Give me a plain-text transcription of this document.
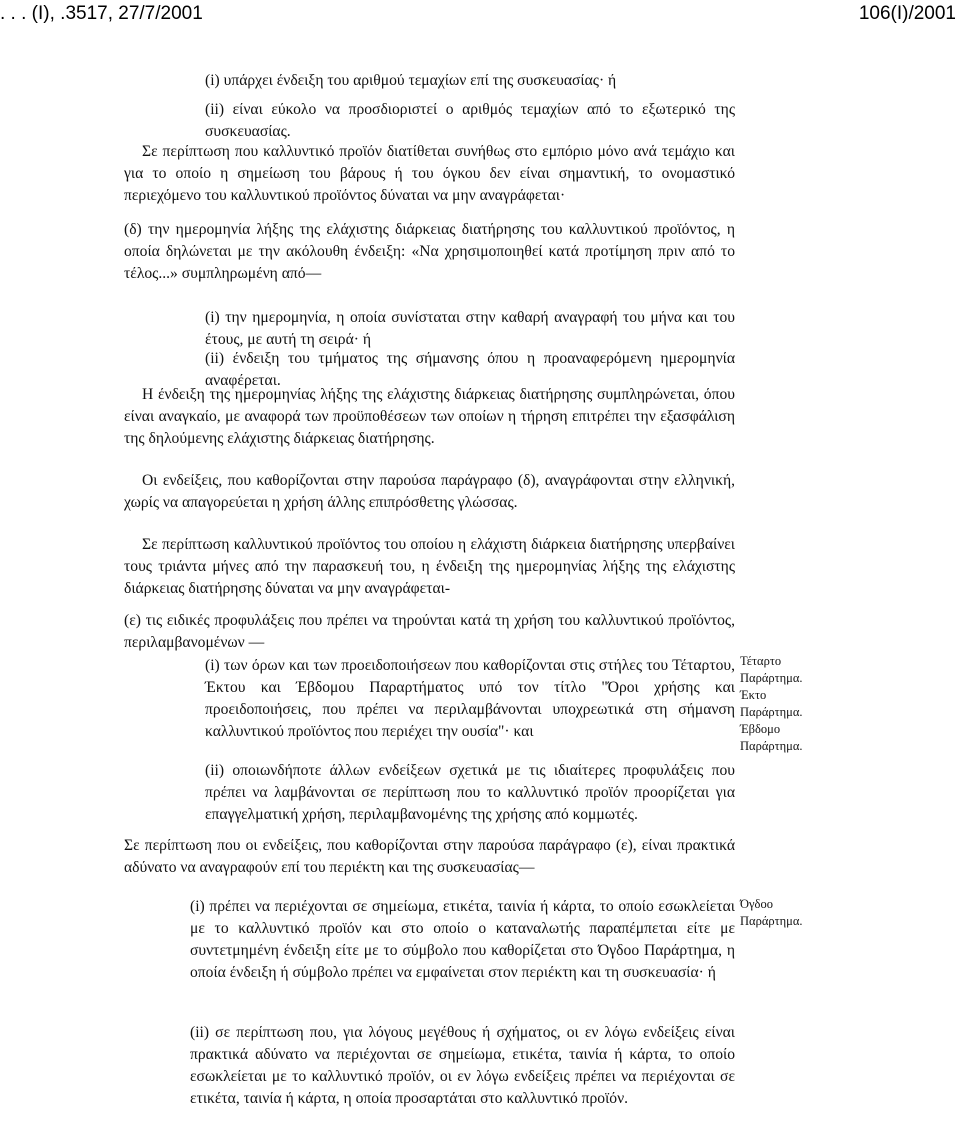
. . . (Ι), .3517, 27/7/2001	106(Ι)/2001

(i) υπάρχει ένδειξη του αριθμού τεμαχίων επί της συσκευασίας· ή

(ii) είναι εύκολο να προσδιοριστεί ο αριθμός τεμαχίων από το εξωτερικό της συσκευασίας.

Σε περίπτωση που καλλυντικό προϊόν διατίθεται συνήθως στο εμπόριο μόνο ανά τεμάχιο και για το οποίο η σημείωση του βάρους ή του όγκου δεν είναι σημαντική, το ονομαστικό περιεχόμενο του καλλυντικού προϊόντος δύναται να μην αναγράφεται·

(δ) την ημερομηνία λήξης της ελάχιστης διάρκειας διατήρησης του καλλυντικού προϊόντος, η οποία δηλώνεται με την ακόλουθη ένδειξη: «Να χρησιμοποιηθεί κατά προτίμηση πριν από το τέλος...» συμπληρωμένη από—

(i) την ημερομηνία, η οποία συνίσταται στην καθαρή αναγραφή του μήνα και του έτους, με αυτή τη σειρά· ή

(ii) ένδειξη του τμήματος της σήμανσης όπου η προαναφερόμενη ημερομηνία αναφέρεται.

Η ένδειξη της ημερομηνίας λήξης της ελάχιστης διάρκειας διατήρησης συμπληρώνεται, όπου είναι αναγκαίο, με αναφορά των προϋποθέσεων των οποίων η τήρηση επιτρέπει την εξασφάλιση της δηλούμενης ελάχιστης διάρκειας διατήρησης.

Οι ενδείξεις, που καθορίζονται στην παρούσα παράγραφο (δ), αναγράφονται στην ελληνική, χωρίς να απαγορεύεται η χρήση άλλης επιπρόσθετης γλώσσας.

Σε περίπτωση καλλυντικού προϊόντος του οποίου η ελάχιστη διάρκεια διατήρησης υπερβαίνει τους τριάντα μήνες από την παρασκευή του, η ένδειξη της ημερομηνίας λήξης της ελάχιστης διάρκειας διατήρησης δύναται να μην αναγράφεται-

(ε) τις ειδικές προφυλάξεις που πρέπει να τηρούνται κατά τη χρήση του καλλυντικού προϊόντος, περιλαμβανομένων —

(i) των όρων και των προειδοποιήσεων που καθορίζονται στις στήλες του Τέταρτου, Έκτου και Έβδομου Παραρτήματος υπό τον τίτλο "Όροι χρήσης και προειδοποιήσεις, που πρέπει να περιλαμβάνονται υποχρεωτικά στη σήμανση καλλυντικού προϊόντος που περιέχει την ουσία"· και

(ii) οποιωνδήποτε άλλων ενδείξεων σχετικά με τις ιδιαίτερες προφυλάξεις που πρέπει να λαμβάνονται σε περίπτωση που το καλλυντικό προϊόν προορίζεται για επαγγελματική χρήση, περιλαμβανομένης της χρήσης από κομμωτές.

Σε περίπτωση που οι ενδείξεις, που καθορίζονται στην παρούσα παράγραφο (ε), είναι πρακτικά αδύνατο να αναγραφούν επί του περιέκτη και της συσκευασίας—

(i) πρέπει να περιέχονται σε σημείωμα, ετικέτα, ταινία ή κάρτα, το οποίο εσωκλείεται με το καλλυντικό προϊόν και στο οποίο ο καταναλωτής παραπέμπεται είτε με συντετμημένη ένδειξη είτε με το σύμβολο που καθορίζεται στο Όγδοο Παράρτημα, η οποία ένδειξη ή σύμβολο πρέπει να εμφαίνεται στον περιέκτη και τη συσκευασία· ή

(ii) σε περίπτωση που, για λόγους μεγέθους ή σχήματος, οι εν λόγω ενδείξεις είναι πρακτικά αδύνατο να περιέχονται σε σημείωμα, ετικέτα, ταινία ή κάρτα, το οποίο εσωκλείεται με το καλλυντικό προϊόν, οι εν λόγω ενδείξεις πρέπει να περιέχονται σε ετικέτα, ταινία ή κάρτα, η οποία προσαρτάται στο καλλυντικό προϊόν.

Τέταρτο
Παράρτημα.
Έκτο
Παράρτημα.
Έβδομο
Παράρτημα.
Όγδοο
Παράρτημα.
